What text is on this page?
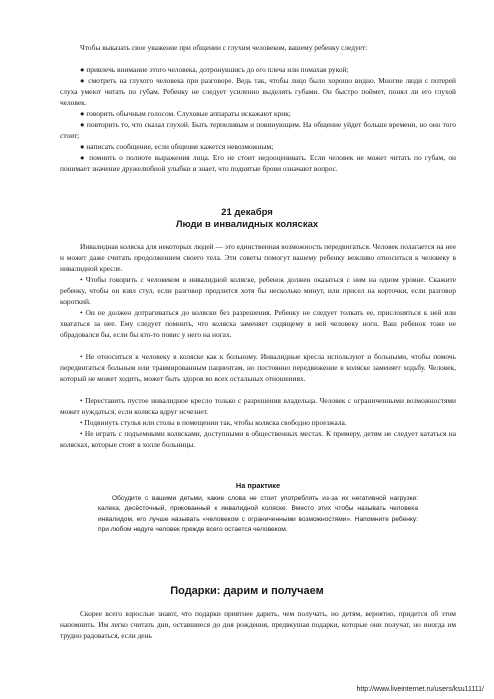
Чтобы выказать свое уважение при общении с глухим человеком, вашему ребенку следует:

● привлечь внимание этого человека, дотронувшись до его плеча или помахав рукой;

● смотреть на глухого человека при разговоре. Ведь так, чтобы лицо было хорошо видно. Многие люди с потерей слуха умеют читать по губам. Ребенку не следует усиленно выделять губами. Он быстро поймет, понял ли его глухой человек.

● говорить обычным голосом. Слуховые аппараты искажают крик;

● повторить то, что сказал глухой. Быть терпеливым и повинующим. На общение уйдет больше времени, но оно того стоит;

● написать сообщение, если общение кажется невозможным;

● помнить о полноте выражения лица. Его не стоит недооценивать. Если человек не может читать по губам, он понимает значение дружелюбной улыбки и знает, что поднятые брови означают вопрос.

21 декабря

Люди в инвалидных колясках

Инвалидная коляска для некоторых людей — это единственная возможность передвигаться. Человек полагается на нее и может даже считать продолжением своего тела. Эти советы помогут вашему ребенку вежливо относиться к человеку в инвалидной кресле.

• Чтобы говорить с человеком в инвалидной коляске, ребенок должен оказаться с ним на одном уровне. Скажите ребенку, чтобы он взял стул, если разговор продлится хотя бы несколько минут, или присел на корточки, если разговор короткий.

• Он не должен дотрагиваться до коляски без разрешения. Ребенку не следует толкать ее, прислоняться к ней или хвататься за нее. Ему следует помнить, что коляска заменяет сидящему в ней человеку ноги. Ваш ребенок тоже не обрадовался бы, если бы кто-то повис у него на ногах.

• Не относиться к человеку в коляске как к больному. Инвалидные кресла используют и больными, чтобы помочь передвигаться больным или травмированным пациентам, но постоянно передвижение в коляске заменяет ходьбу. Человек, который не может ходить, может быть здоров во всех остальных отношениях.

• Переставить пустое инвалидное кресло только с разрешения владельца. Человек с ограниченными возможностями может нуждаться, если коляска вдруг исчезнет.

• Подвинуть стулья или столы в помещении так, чтобы коляска свободно проезжала.

• Не играть с подъемными колясками, доступными в общественных местах. К примеру, детям не следует кататься на колясках, которые стоят в холле больницы.

На практике

Обсудите с вашими детьми, какие слова не стоит употреблять из-за их негативной нагрузки: калека, десёсточный, прикованный к инвалидной коляске. Вместо этих чтобы называть человека инвалидом, его лучше называть «человеком с ограниченными возможностями». Напомните ребенку: при любом недуге человек прежде всего остается человеком.

Подарки: дарим и получаем

Скорее всего взрослые знают, что подарки приятнее дарить, чем получать, но детям, вероятно, придется об этом напомнить. Им легко считать дни, оставшиеся до дня рождения, предвкушая подарки, которые они получат, но иногда им трудно радоваться, если день

http://www.liveinternet.ru/users/ksu11111/
